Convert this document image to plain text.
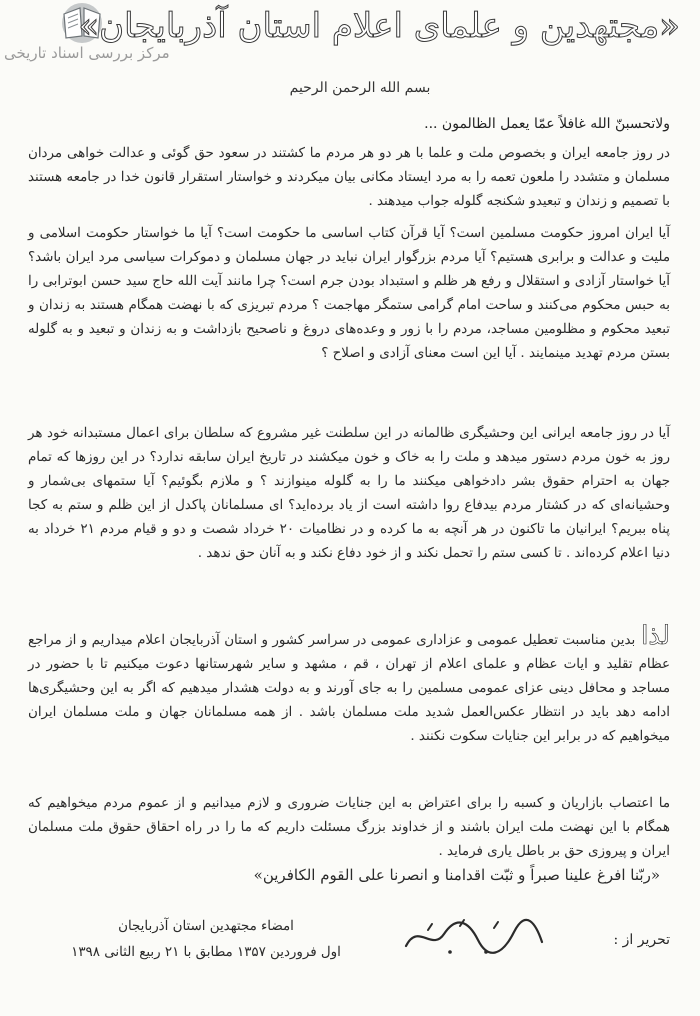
مرکز بررسی اسناد تاریخی
«مجتهدین و علمای اعلام استان آذربایجان»
بسم الله الرحمن الرحیم
ولاتحسبنّ الله غافلاً عمّا یعمل الظالمون ...
در روز جامعه ایران و بخصوص ملت و علما با هر دو هر مردم ما کشتند در سعود حق گوئی و عدالت خواهی مردان مسلمان و متشدد را ملعون تعمه را به مرد ایستاد مکانی بیان میکردند و خواستار استقرار قانون خدا در جامعه هستند با تصمیم و زندان و تبعیدو شکنجه گلوله جواب میدهند .
آیا ایران امروز حکومت مسلمین است؟ آیا قرآن کتاب اساسی ما حکومت است؟ آیا ما خواستار حکومت اسلامی و ملیت و عدالت و برابری هستیم؟ آیا مردم بزرگوار ایران نباید در جهان مسلمان و دموکرات سیاسی مرد ایران باشد؟ آیا خواستار آزادی و استقلال و رفع هر ظلم و استبداد بودن جرم است؟ چرا مانند آیت الله حاج سید حسن ابوترابی را به حبس محکوم می‌کنند و ساحت امام گرامی ستمگر مهاجمت ؟ مردم تبریزی که با نهضت همگام هستند به زندان و تبعید محکوم و مظلومین مساجد، مردم را با زور و وعده‌های دروغ و ناصحیح بازداشت و به زندان و تبعید و به گلوله بستن مردم تهدید مینمایند . آیا این است معنای آزادی و اصلاح ؟
آیا در روز جامعه ایرانی این وحشیگری ظالمانه در این سلطنت غیر مشروع که سلطان برای اعمال مستبدانه خود هر روز به خون مردم دستور میدهد و ملت را به خاک و خون میکشند در تاریخ ایران سابقه ندارد؟ در این روزها که تمام جهان به احترام حقوق بشر دادخواهی میکنند ما را به گلوله مینوازند ؟ و ملازم بگوئیم؟ آیا ستمهای بی‌شمار و وحشیانه‌ای که در کشتار مردم بیدفاع روا داشته است از یاد برده‌اید؟ ای مسلمانان پاکدل از این ظلم و ستم به کجا پناه ببریم؟ ایرانیان ما تاکنون در هر آنچه به ما کرده و در نظامیات ۲۰ خرداد شصت و دو و قیام مردم ۲۱ خرداد به دنیا اعلام کرده‌اند . تا کسی ستم را تحمل نکند و از خود دفاع نکند و به آنان حق ندهد .
لذابدین مناسبت تعطیل عمومی و عزاداری عمومی در سراسر کشور و استان آذربایجان اعلام میداریم و از مراجع عظام تقلید و ایات عظام و علمای اعلام از تهران ، قم ، مشهد و سایر شهرستانها دعوت میکنیم تا با حضور در مساجد و محافل دینی عزای عمومی مسلمین را به جای آورند و به دولت هشدار میدهیم که اگر به این وحشیگری‌ها ادامه دهد باید در انتظار عکس‌العمل شدید ملت مسلمان باشد . از همه مسلمانان جهان و ملت مسلمان ایران میخواهیم که در برابر این جنایات سکوت نکنند .
ما اعتصاب بازاریان و کسبه را برای اعتراض به این جنایات ضروری و لازم میدانیم و از عموم مردم میخواهیم که همگام با این نهضت ملت ایران باشند و از خداوند بزرگ مسئلت داریم که ما را در راه احقاق حقوق ملت مسلمان ایران و پیروزی حق بر باطل یاری فرماید .
«ربّنا افرغ علینا صبراً و ثبّت اقدامنا و انصرنا علی القوم الکافرین»
تحرير از :
امضاء مجتهدین استان آذربایجان
اول فروردین ۱۳۵۷ مطابق با ۲۱ ربیع الثانی ۱۳۹۸
